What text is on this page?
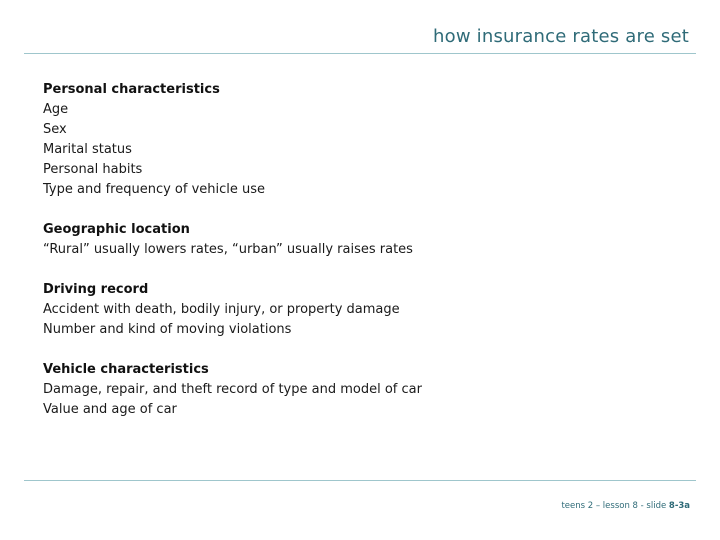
how insurance rates are set
Personal characteristics
Age
Sex
Marital status
Personal habits
Type and frequency of vehicle use
Geographic location
“Rural” usually lowers rates, “urban” usually raises rates
Driving record
Accident with death, bodily injury, or property damage
Number and kind of moving violations
Vehicle characteristics
Damage, repair, and theft record of type and model of car
Value and age of car
teens 2 – lesson 8 - slide 8-3a
